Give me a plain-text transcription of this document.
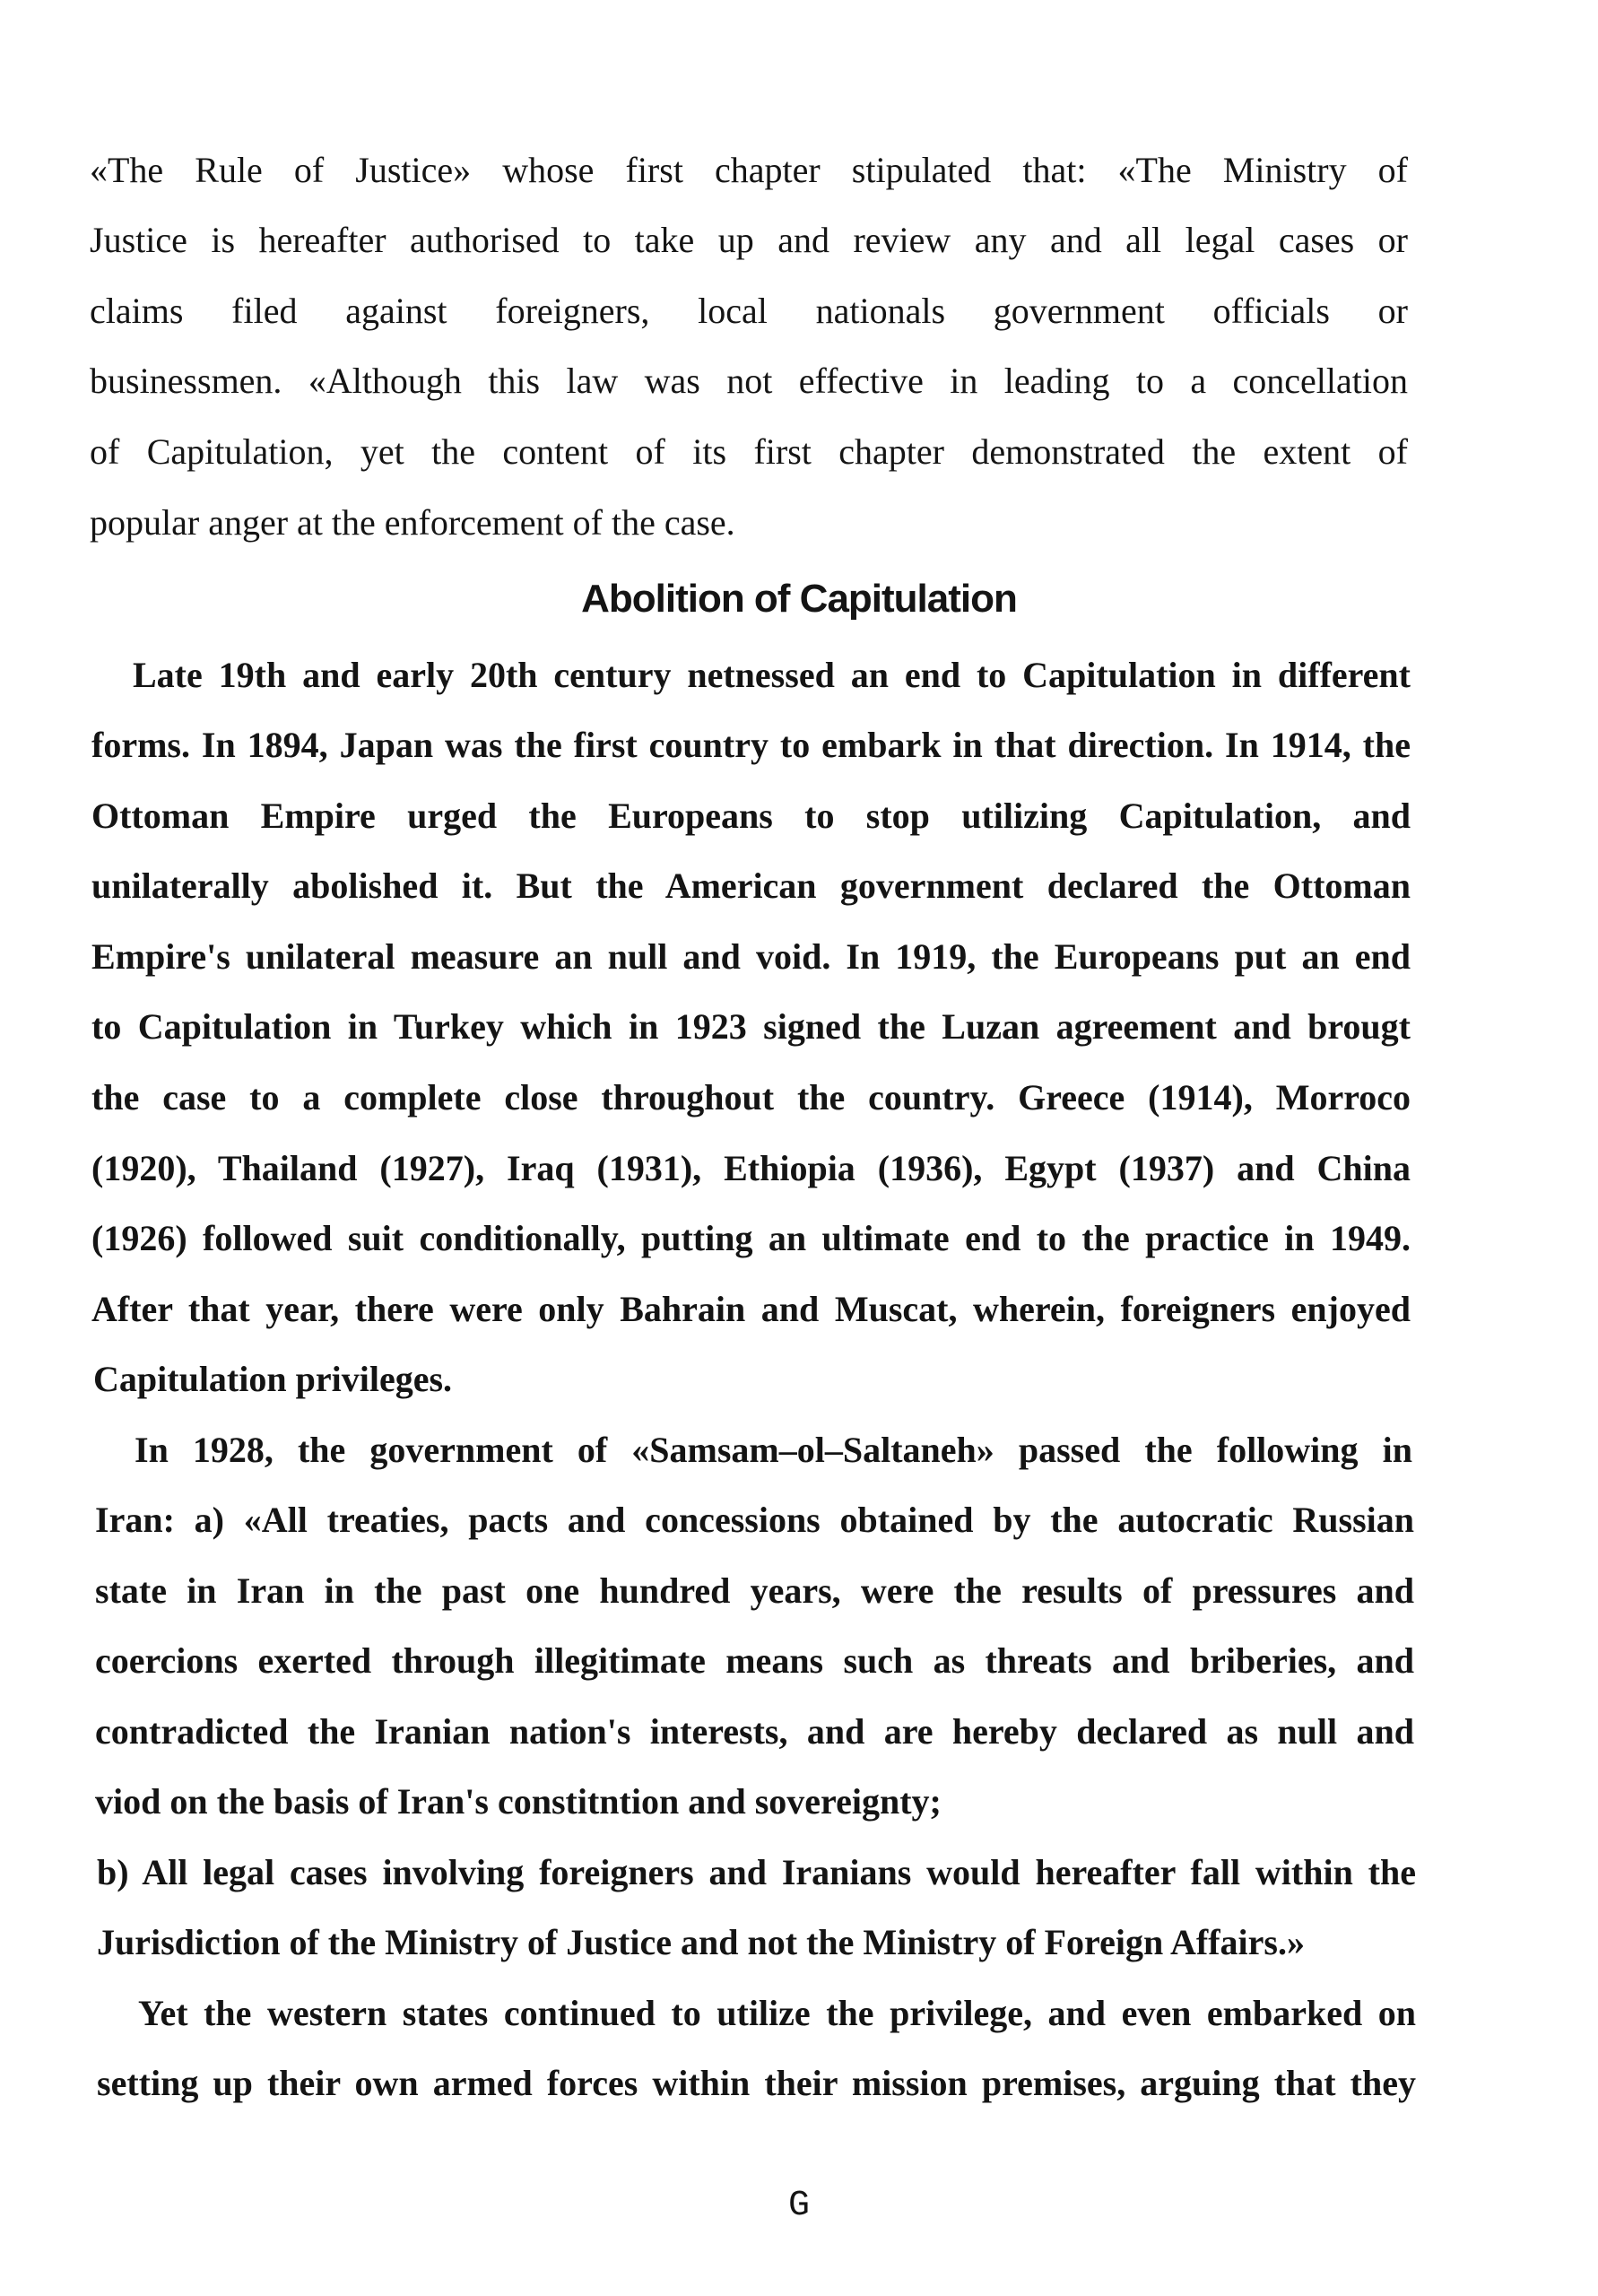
«The Rule of Justice» whose first chapter stipulated that: «The Ministry of
Justice is hereafter authorised to take up and review any and all legal cases or
claims filed against foreigners, local nationals government officials or
businessmen. «Although this law was not effective in leading to a concellation
of Capitulation, yet the content of its first chapter demonstrated the extent of
popular anger at the enforcement of the case.
Abolition of Capitulation
Late 19th and early 20th century netnessed an end to Capitulation in different
forms. In 1894, Japan was the first country to embark in that direction. In 1914, the
Ottoman Empire urged the Europeans to stop utilizing Capitulation, and
unilaterally abolished it. But the American government declared the Ottoman
Empire's unilateral measure an null and void. In 1919, the Europeans put an end
to Capitulation in Turkey which in 1923 signed the Luzan agreement and brougt
the case to a complete close throughout the country. Greece (1914), Morroco
(1920), Thailand (1927), Iraq (1931), Ethiopia (1936), Egypt (1937) and China
(1926) followed suit conditionally, putting an ultimate end to the practice in 1949.
After that year, there were only Bahrain and Muscat, wherein, foreigners enjoyed
Capitulation privileges.
In 1928, the government of «Samsam–ol–Saltaneh» passed the following in
Iran: a) «All treaties, pacts and concessions obtained by the autocratic Russian
state in Iran in the past one hundred years, were the results of pressures and
coercions exerted through illegitimate means such as threats and briberies, and
contradicted the Iranian nation's interests, and are hereby declared as null and
viod on the basis of Iran's constitntion and sovereignty;
b) All legal cases involving foreigners and Iranians would hereafter fall within the
Jurisdiction of the Ministry of Justice and not the Ministry of Foreign Affairs.»
Yet the western states continued to utilize the privilege, and even embarked on
setting up their own armed forces within their mission premises, arguing that they
G
